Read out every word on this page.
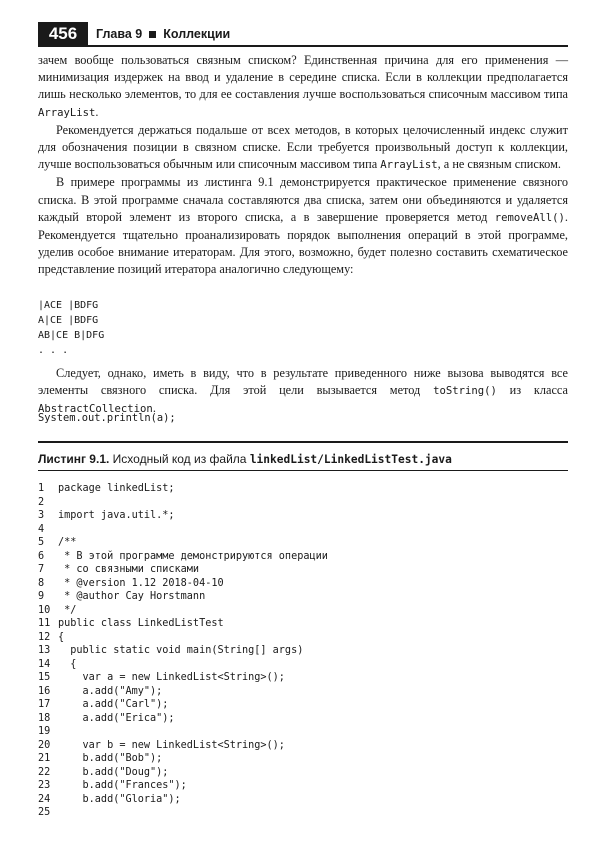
456	Глава 9 Коллекции

зачем вообще пользоваться связным списком? Единственная причина для его применения — минимизация издержек на ввод и удаление в середине списка. Если в коллекции предполагается лишь несколько элементов, то для ее составления лучше воспользоваться списочным массивом типа ArrayList.

Рекомендуется держаться подальше от всех методов, в которых целочисленный индекс служит для обозначения позиции в связном списке. Если требуется произвольный доступ к коллекции, лучше воспользоваться обычным или списочным массивом типа ArrayList, а не связным списком.

В примере программы из листинга 9.1 демонстрируется практическое применение связного списка. В этой программе сначала составляются два списка, затем они объединяются и удаляется каждый второй элемент из второго списка, а в завершение проверяется метод removeAll(). Рекомендуется тщательно проанализировать порядок выполнения операций в этой программе, уделив особое внимание итераторам. Для этого, возможно, будет полезно составить схематическое представление позиций итератора аналогично следующему:

|ACE |BDFG
A|CE |BDFG
AB|CE B|DFG
. . .

Следует, однако, иметь в виду, что в результате приведенного ниже вызова выводятся все элементы связного списка. Для этой цели вызывается метод toString() из класса AbstractCollection.

System.out.println(a);
Листинг 9.1. Исходный код из файла linkedList/LinkedListTest.java
1	package linkedList;
2
3	import java.util.*;
4
5	/**
6	* В этой программе демонстрируются операции
7	* со связными списками
8	* @version 1.12 2018-04-10
9	* @author Cay Horstmann
10 */
11 public class LinkedListTest
12 {
13 public static void main(String[] args)
14 {
15 var a = new LinkedList<String>();
16 a.add("Amy");
17 a.add("Carl");
18 a.add("Erica");
19
20 var b = new LinkedList<String>();
21 b.add("Bob");
22 b.add("Doug");
23 b.add("Frances");
24 b.add("Gloria");
25
